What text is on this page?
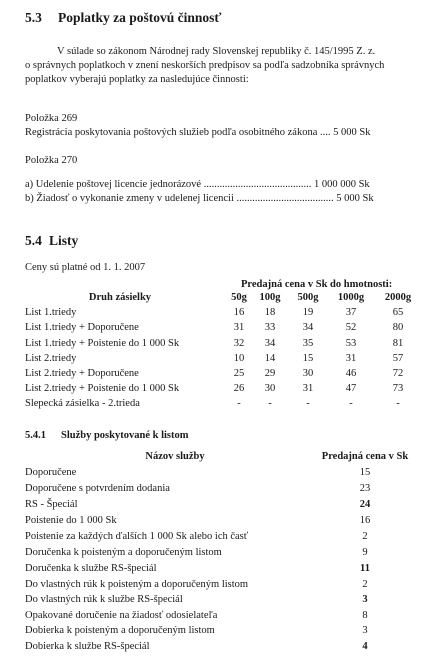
5.3 Poplatky za poštovú činnosť
V súlade so zákonom Národnej rady Slovenskej republiky č. 145/1995 Z. z.
o správnych poplatkoch v znení neskorších predpisov sa podľa sadzobníka správnych
poplatkov vyberajú poplatky za nasledujúce činnosti:
Položka 269
Registrácia poskytovania poštových služieb podľa osobitného zákona .... 5 000 Sk
Položka 270
a) Udelenie poštovej licencie jednorázové ......................................... 1 000 000 Sk
b) Žiadosť o vykonanie zmeny v udelenej licencii ..................................... 5 000 Sk
5.4 Listy
Ceny sú platné od 1. 1. 2007
Predajná cena v Sk do hmotnosti:
Druh zásielky	50g	100g	500g	1000g	2000g
List 1.triedy	16	18	19	37	65
List 1.triedy + Doporučene	31	33	34	52	80
List 1.triedy + Poistenie do 1 000 Sk	32	34	35	53	81
List 2.triedy	10	14	15	31	57
List 2.triedy + Doporučene	25	29	30	46	72
List 2.triedy + Poistenie do 1 000 Sk	26	30	31	47	73
Slepecká zásielka - 2.trieda	-	-	-	-	-
5.4.1 Služby poskytované k listom
Názov služby	Predajná cena v Sk
Doporučene	15
Doporučene s potvrdením dodania	23
RS - Špeciál	24
Poistenie do 1 000 Sk	16
Poistenie za každých ďalších 1 000 Sk alebo ich časť	2
Doručenka k poisteným a doporučeným listom	9
Doručenka k službe RS-špeciál	11
Do vlastných rúk k poisteným a doporučeným listom	2
Do vlastných rúk k službe RS-špeciál	3
Opakované doručenie na žiadosť odosielateľa	8
Dobierka k poisteným a doporučeným listom	3
Dobierka k službe RS-špeciál	4
